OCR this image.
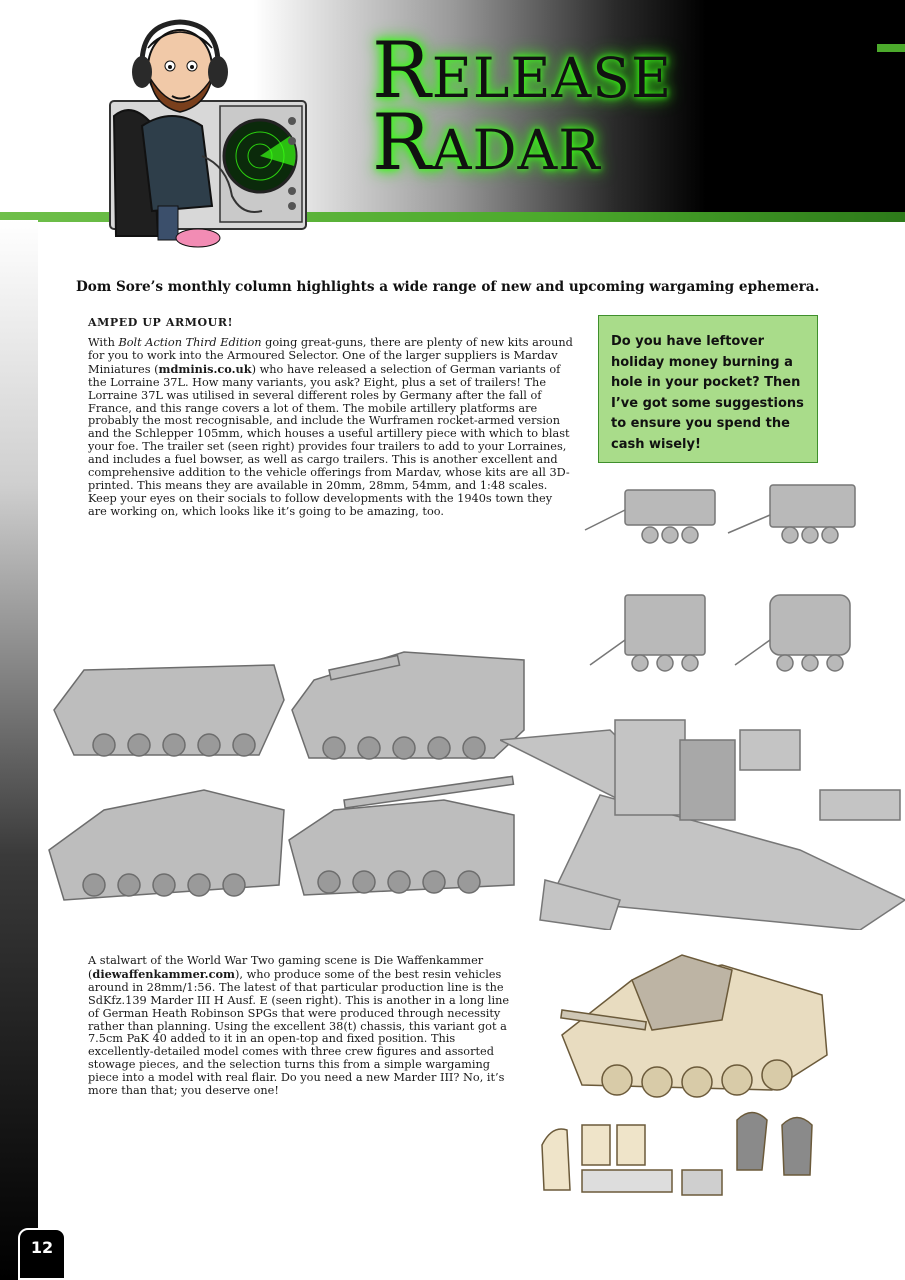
Release
Radar

Dom Sore’s monthly column highlights a wide range of new and upcoming wargaming ephemera.

AMPED UP ARMOUR!

With Bolt Action Third Edition going great-guns, there are plenty of new kits around for you to work into the Armoured Selector. One of the larger suppliers is Mardav Miniatures (mdminis.co.uk) who have released a selection of German variants of the Lorraine 37L. How many variants, you ask? Eight, plus a set of trailers! The Lorraine 37L was utilised in several different roles by Germany after the fall of France, and this range covers a lot of them. The mobile artillery platforms are probably the most recognisable, and include the Wurframen rocket-armed version and the Schlepper 105mm, which houses a useful artillery piece with which to blast your foe. The trailer set (seen right) provides four trailers to add to your Lorraines, and includes a fuel bowser, as well as cargo trailers. This is another excellent and comprehensive addition to the vehicle offerings from Mardav, whose kits are all 3D-printed. This means they are available in 20mm, 28mm, 54mm, and 1:48 scales. Keep your eyes on their socials to follow developments with the 1940s town they are working on, which looks like it’s going to be amazing, too.

Do you have leftover holiday money burning a hole in your pocket? Then I’ve got some suggestions to ensure you spend the cash wisely!

A stalwart of the World War Two gaming scene is Die Waffenkammer (diewaffenkammer.com), who produce some of the best resin vehicles around in 28mm/1:56. The latest of that particular production line is the SdKfz.139 Marder III H Ausf. E (seen right). This is another in a long line of German Heath Robinson SPGs that were produced through necessity rather than planning. Using the excellent 38(t) chassis, this variant got a 7.5cm PaK 40 added to it in an open-top and fixed position. This excellently-detailed model comes with three crew figures and assorted stowage pieces, and the selection turns this from a simple wargaming piece into a model with real flair. Do you need a new Marder III? No, it’s more than that; you deserve one!

12
